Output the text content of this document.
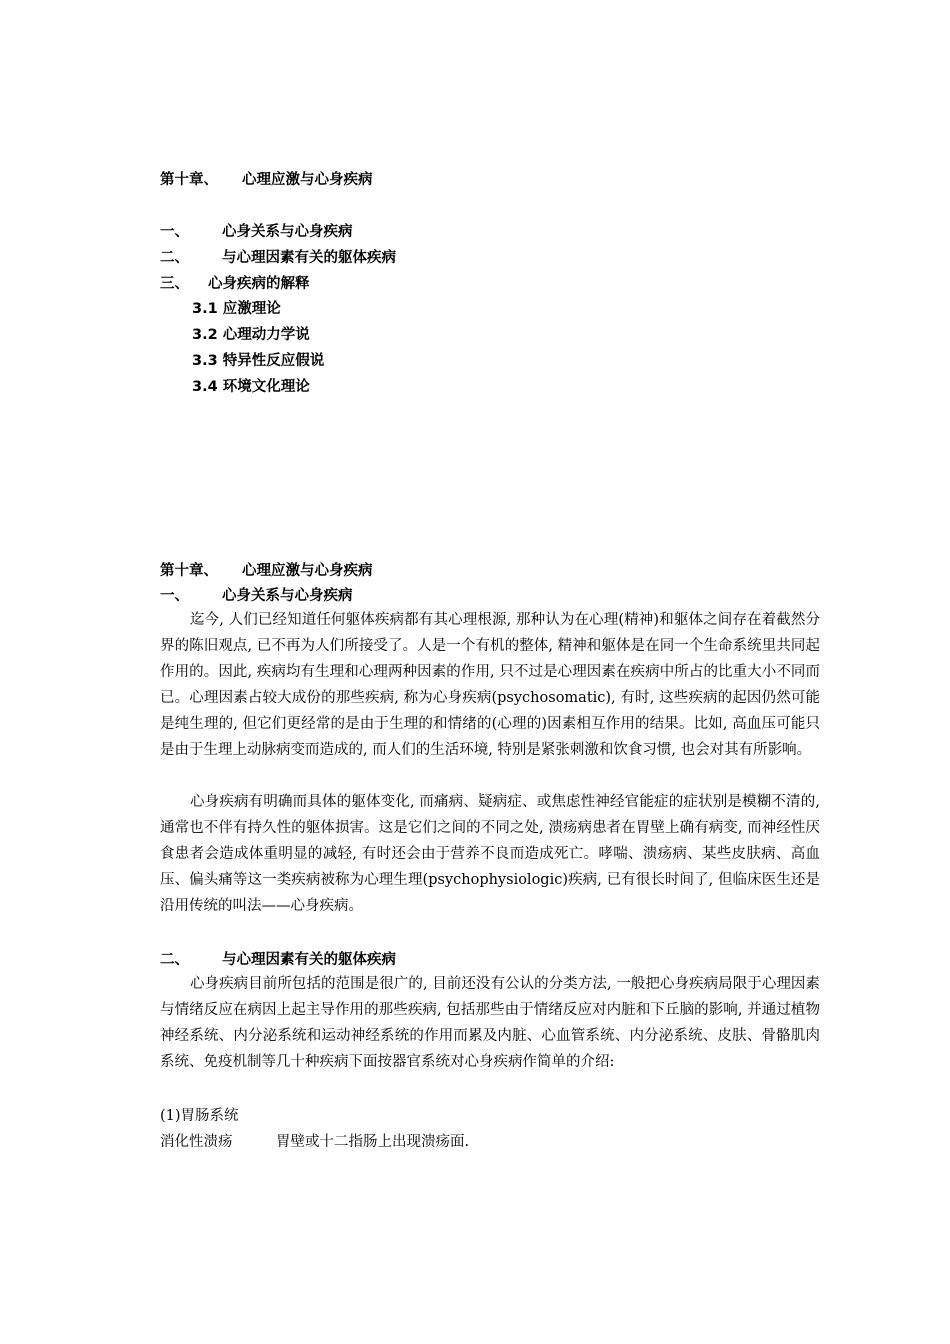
第十章、 心理应激与心身疾病
一、 心身关系与心身疾病
二、 与心理因素有关的躯体疾病
三、 心身疾病的解释
3.1 应激理论
3.2 心理动力学说
3.3 特异性反应假说
3.4 环境文化理论
第十章、 心理应激与心身疾病
一、 心身关系与心身疾病

迄今, 人们已经知道任何躯体疾病都有其心理根源, 那种认为在心理(精神)和躯体之间存在着截然分界的陈旧观点, 已不再为人们所接受了。人是一个有机的整体, 精神和躯体是在同一个生命系统里共同起作用的。因此, 疾病均有生理和心理两种因素的作用, 只不过是心理因素在疾病中所占的比重大小不同而已。心理因素占较大成份的那些疾病, 称为心身疾病(psychosomatic), 有时, 这些疾病的起因仍然可能是纯生理的, 但它们更经常的是由于生理的和情绪的(心理的)因素相互作用的结果。比如, 高血压可能只是由于生理上动脉病变而造成的, 而人们的生活环境, 特别是紧张刺激和饮食习惯, 也会对其有所影响。

心身疾病有明确而具体的躯体变化, 而痛病、疑病症、或焦虑性神经官能症的症状别是模糊不清的, 通常也不伴有持久性的躯体损害。这是它们之间的不同之处, 溃疡病患者在胃壁上确有病变, 而神经性厌食患者会造成体重明显的减轻, 有时还会由于营养不良而造成死亡。哮喘、溃疡病、某些皮肤病、高血压、偏头痛等这一类疾病被称为心理生理(psychophysiologic)疾病, 已有很长时间了, 但临床医生还是沿用传统的叫法——心身疾病。

二、 与心理因素有关的躯体疾病

心身疾病目前所包括的范围是很广的, 目前还没有公认的分类方法, 一般把心身疾病局限于心理因素与情绪反应在病因上起主导作用的那些疾病, 包括那些由于情绪反应对内脏和下丘脑的影响, 并通过植物神经系统、内分泌系统和运动神经系统的作用而累及内脏、心血管系统、内分泌系统、皮肤、骨骼肌肉系统、免疫机制等几十种疾病下面按器官系统对心身疾病作简单的介绍:

(1)胃肠系统
消化性溃疡	胃壁或十二指肠上出现溃疡面.
